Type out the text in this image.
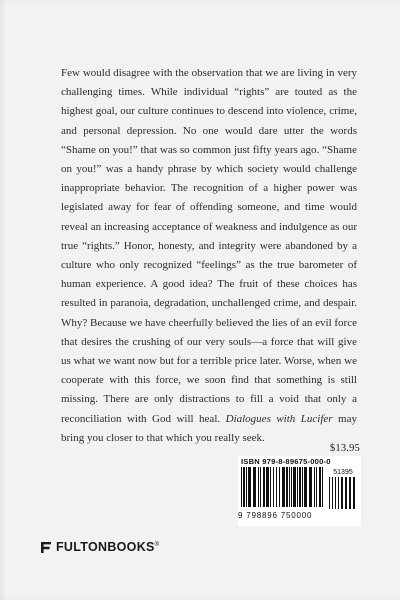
Few would disagree with the observation that we are living in very challenging times. While individual “rights” are touted as the highest goal, our culture continues to descend into violence, crime, and personal depression. No one would dare utter the words “Shame on you!” that was so common just fifty years ago. “Shame on you!” was a handy phrase by which society would challenge inappropriate behavior. The recognition of a higher power was legislated away for fear of offending someone, and time would reveal an increasing acceptance of weakness and indulgence as our true “rights.” Honor, honesty, and integrity were abandoned by a culture who only recognized “feelings” as the true barometer of human experience. A good idea? The fruit of these choices has resulted in paranoia, degradation, unchallenged crime, and despair. Why? Because we have cheerfully believed the lies of an evil force that desires the crushing of our very souls—a force that will give us what we want now but for a terrible price later. Worse, when we cooperate with this force, we soon find that something is still missing. There are only distractions to fill a void that only a reconciliation with God will heal. Dialogues with Lucifer may bring you closer to that which you really seek.
$13.95
ISBN 979-8-89675-000-0
51395
9 798896 750000
FULTONBOOKS®
